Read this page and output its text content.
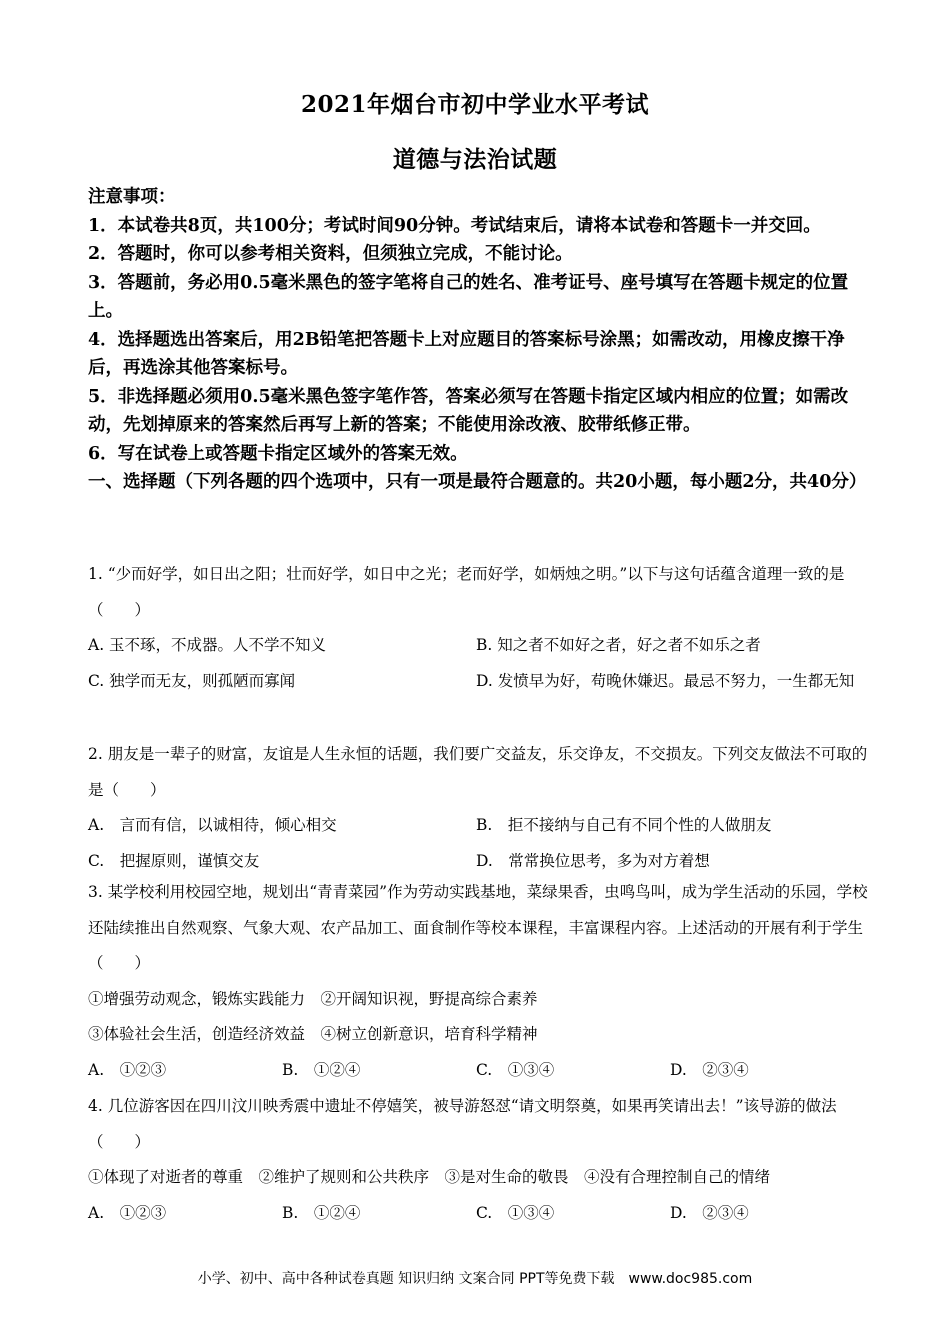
2021年烟台市初中学业水平考试
道德与法治试题

注意事项：

1．本试卷共8页，共100分；考试时间90分钟。考试结束后，请将本试卷和答题卡一并交回。

2．答题时，你可以参考相关资料，但须独立完成，不能讨论。

3．答题前，务必用0.5毫米黑色的签字笔将自己的姓名、准考证号、座号填写在答题卡规定的位置上。

4．选择题选出答案后，用2B铅笔把答题卡上对应题目的答案标号涂黑；如需改动，用橡皮擦干净后，再选涂其他答案标号。

5．非选择题必须用0.5毫米黑色签字笔作答，答案必须写在答题卡指定区域内相应的位置；如需改动，先划掉原来的答案然后再写上新的答案；不能使用涂改液、胶带纸修正带。

6．写在试卷上或答题卡指定区域外的答案无效。

一、选择题（下列各题的四个选项中，只有一项是最符合题意的。共20小题，每小题2分，共40分）

1. “少而好学，如日出之阳；壮而好学，如日中之光；老而好学，如炳烛之明。”以下与这句话蕴含道理一致的是（　　）

A. 玉不琢，不成器。人不学不知义	B. 知之者不如好之者，好之者不如乐之者
C. 独学而无友，则孤陋而寡闻	D. 发愤早为好，苟晚休嫌迟。最忌不努力，一生都无知

2. 朋友是一辈子的财富，友谊是人生永恒的话题，我们要广交益友，乐交诤友，不交损友。下列交友做法不可取的是（　　）

A.　言而有信，以诚相待，倾心相交	B.　拒不接纳与自己有不同个性的人做朋友
C.　把握原则，谨慎交友	D.　常常换位思考，多为对方着想

3. 某学校利用校园空地，规划出“青青菜园”作为劳动实践基地，菜绿果香，虫鸣鸟叫，成为学生活动的乐园，学校还陆续推出自然观察、气象大观、农产品加工、面食制作等校本课程，丰富课程内容。上述活动的开展有利于学生（　　）

①增强劳动观念，锻炼实践能力　②开阔知识视，野提高综合素养

③体验社会生活，创造经济效益　④树立创新意识，培育科学精神

A.　①②③	B.　①②④	C.　①③④	D.　②③④

4. 几位游客因在四川汶川映秀震中遗址不停嬉笑，被导游怒怼“请文明祭奠，如果再笑请出去！”该导游的做法（　　）

①体现了对逝者的尊重　②维护了规则和公共秩序　③是对生命的敬畏　④没有合理控制自己的情绪

A.　①②③	B.　①②④	C.　①③④	D.　②③④
小学、初中、高中各种试卷真题 知识归纳 文案合同 PPT等免费下载　www.doc985.com
